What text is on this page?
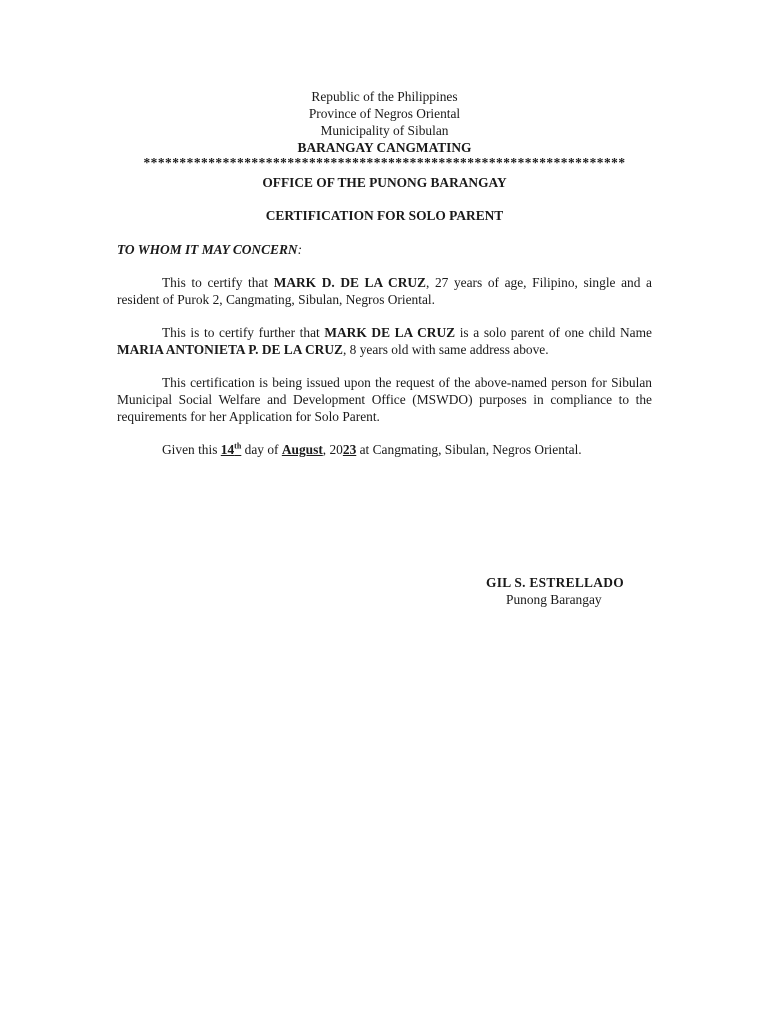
Republic of the Philippines
Province of Negros Oriental
Municipality of Sibulan
BARANGAY CANGMATING
*******************************************************************
OFFICE OF THE PUNONG BARANGAY
CERTIFICATION FOR SOLO PARENT
TO WHOM IT MAY CONCERN:
This to certify that MARK D. DE LA CRUZ, 27 years of age, Filipino, single and a resident of Purok 2, Cangmating, Sibulan, Negros Oriental.
This is to certify further that MARK DE LA CRUZ is a solo parent of one child Name MARIA ANTONIETA P. DE LA CRUZ, 8 years old with same address above.
This certification is being issued upon the request of the above-named person for Sibulan Municipal Social Welfare and Development Office (MSWDO) purposes in compliance to the requirements for her Application for Solo Parent.
Given this 14th day of August, 2023 at Cangmating, Sibulan, Negros Oriental.
GIL S. ESTRELLADO
Punong Barangay
